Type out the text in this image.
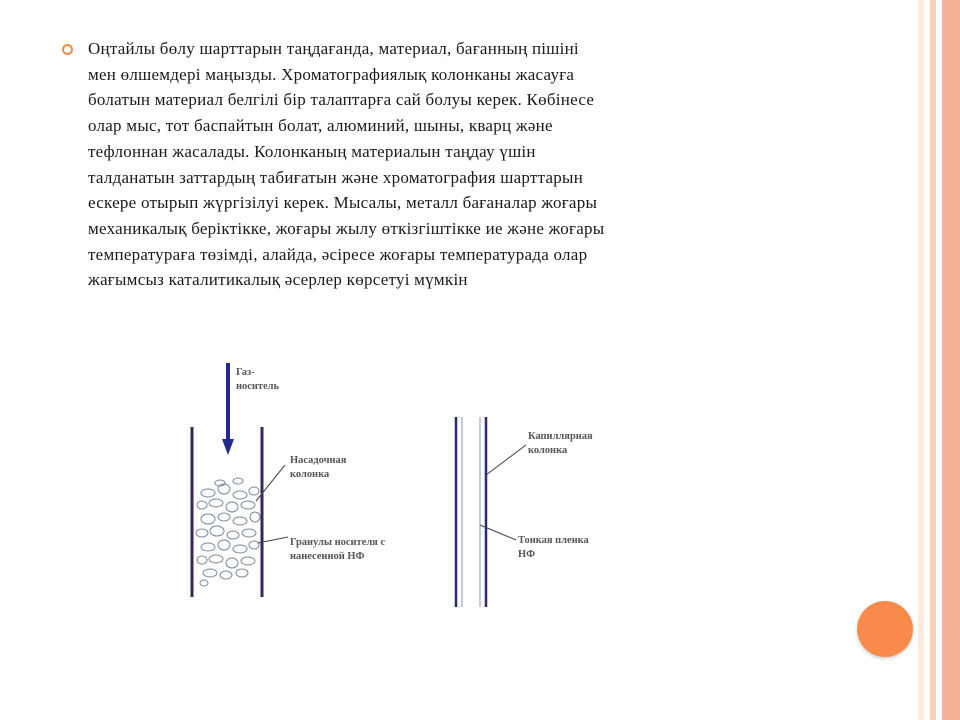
Оңтайлы бөлу шарттарын таңдағанда, материал, бағанның пішіні
мен өлшемдері маңызды. Хроматографиялық колонканы жасауға
болатын материал белгілі бір талаптарға сай болуы керек. Көбінесе
олар мыс, тот баспайтын болат, алюминий, шыны, кварц және
тефлоннан жасалады. Колонканың материалын таңдау үшін
талданатын заттардың табиғатын және хроматография шарттарын
ескере отырып жүргізілуі керек. Мысалы, металл бағаналар жоғары
механикалық беріктікке, жоғары жылу өткізгіштікке ие және жоғары
температураға төзімді, алайда, әсіресе жоғары температурада олар
жағымсыз каталитикалық әсерлер көрсетуі мүмкін
Газ-
носитель
Насадочная
колонка
Гранулы носителя с
нанесенной НФ
Капиллярная
колонка
Тонкая пленка
НФ
